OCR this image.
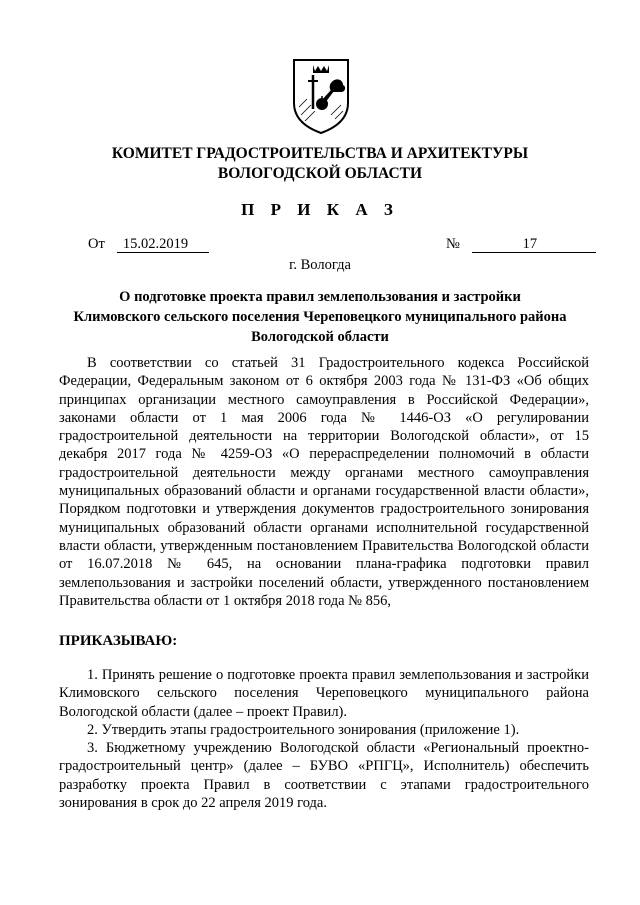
КОМИТЕТ ГРАДОСТРОИТЕЛЬСТВА И АРХИТЕКТУРЫ
ВОЛОГОДСКОЙ ОБЛАСТИ
П Р И К А З
От 15.02.2019	№	17
г. Вологда
О подготовке проекта правил землепользования и застройки
Климовского сельского поселения Череповецкого муниципального района
Вологодской области
В соответствии со статьей 31 Градостроительного кодекса Российской Федерации, Федеральным законом от 6 октября 2003 года № 131-ФЗ «Об общих принципах организации местного самоуправления в Российской Федерации», законами области от 1 мая 2006 года № 1446-ОЗ «О регулировании градостроительной деятельности на территории Вологодской области», от 15 декабря 2017 года № 4259-ОЗ «О перераспределении полномочий в области градостроительной деятельности между органами местного самоуправления муниципальных образований области и органами государственной власти области», Порядком подготовки и утверждения документов градостроительного зонирования муниципальных образований области органами исполнительной государственной власти области, утвержденным постановлением Правительства Вологодской области от 16.07.2018 № 645, на основании плана-графика подготовки правил землепользования и застройки поселений области, утвержденного постановлением Правительства области от 1 октября 2018 года № 856,
ПРИКАЗЫВАЮ:

1. Принять решение о подготовке проекта правил землепользования и застройки Климовского сельского поселения Череповецкого муниципального района Вологодской области (далее – проект Правил).

2. Утвердить этапы градостроительного зонирования (приложение 1).

3. Бюджетному учреждению Вологодской области «Региональный проектно-градостроительный центр» (далее – БУВО «РПГЦ», Исполнитель) обеспечить разработку проекта Правил в соответствии с этапами градостроительного зонирования в срок до 22 апреля 2019 года.
